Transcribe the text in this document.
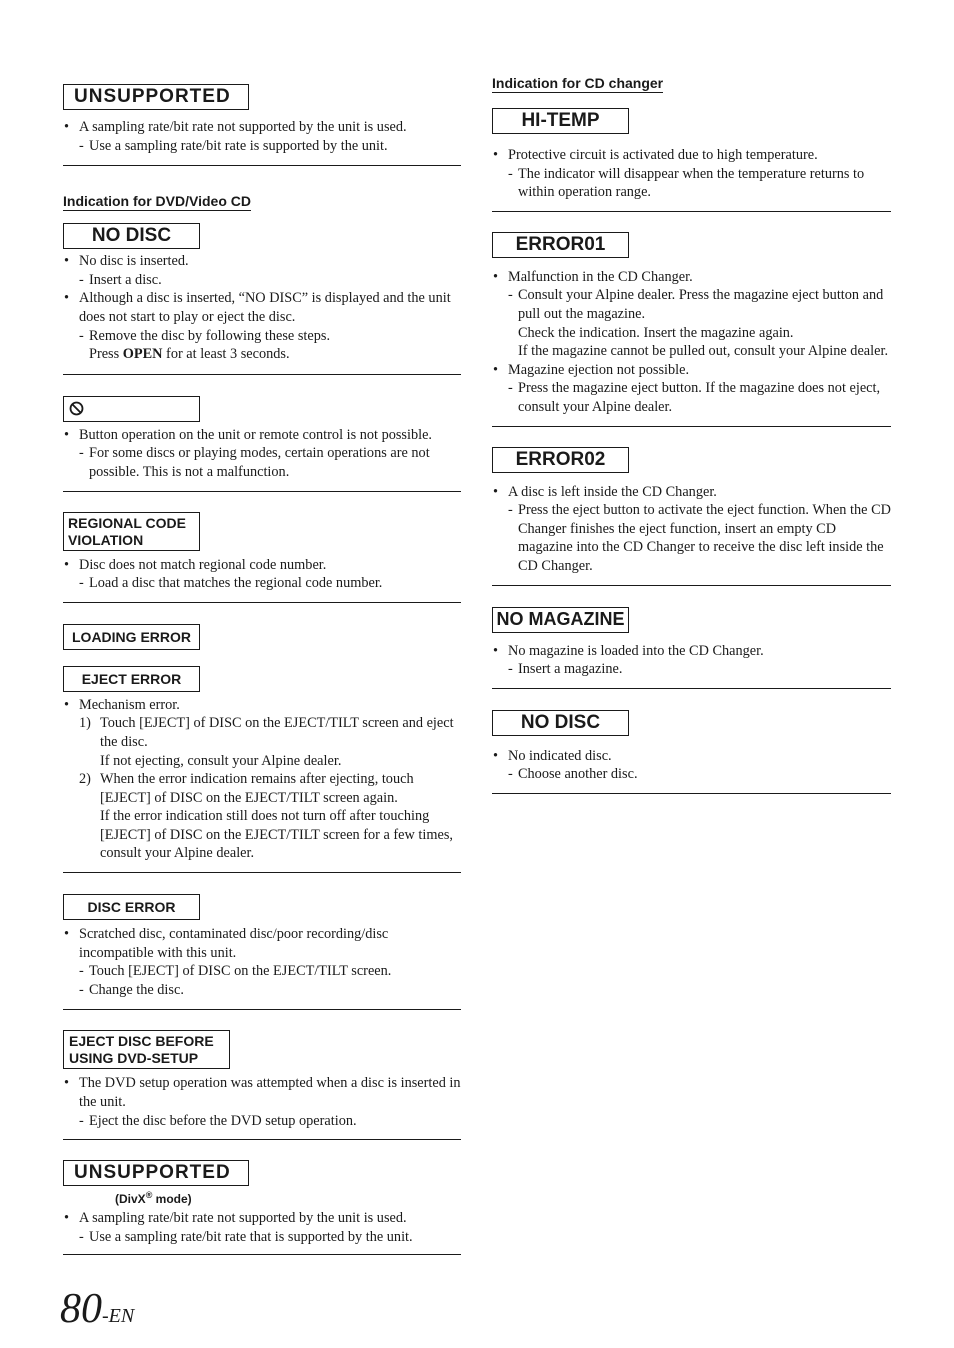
UNSUPPORTED
• A sampling rate/bit rate not supported by the unit is used.
- Use a sampling rate/bit rate is supported by the unit.
Indication for DVD/Video CD
NO DISC
• No disc is inserted.
- Insert a disc.
• Although a disc is inserted, “NO DISC” is displayed and the unit does not start to play or eject the disc.
- Remove the disc by following these steps.
Press OPEN for at least 3 seconds.
• Button operation on the unit or remote control is not possible.
- For some discs or playing modes, certain operations are not possible. This is not a malfunction.
REGIONAL CODE
VIOLATION
• Disc does not match regional code number.
- Load a disc that matches the regional code number.
LOADING ERROR
EJECT ERROR
• Mechanism error.
1) Touch [EJECT] of DISC on the EJECT/TILT screen and eject the disc.
If not ejecting, consult your Alpine dealer.
2) When the error indication remains after ejecting, touch [EJECT] of DISC on the EJECT/TILT screen again.
If the error indication still does not turn off after touching [EJECT] of DISC on the EJECT/TILT screen for a few times, consult your Alpine dealer.
DISC ERROR
• Scratched disc, contaminated disc/poor recording/disc incompatible with this unit.
- Touch [EJECT] of DISC on the EJECT/TILT screen.
- Change the disc.
EJECT DISC BEFORE
USING DVD-SETUP
• The DVD setup operation was attempted when a disc is inserted in the unit.
- Eject the disc before the DVD setup operation.
UNSUPPORTED
(DivX® mode)
• A sampling rate/bit rate not supported by the unit is used.
- Use a sampling rate/bit rate that is supported by the unit.
Indication for CD changer
HI-TEMP
• Protective circuit is activated due to high temperature.
- The indicator will disappear when the temperature returns to within operation range.
ERROR01
• Malfunction in the CD Changer.
- Consult your Alpine dealer. Press the magazine eject button and pull out the magazine.
Check the indication. Insert the magazine again.
If the magazine cannot be pulled out, consult your Alpine dealer.
• Magazine ejection not possible.
- Press the magazine eject button. If the magazine does not eject, consult your Alpine dealer.
ERROR02
• A disc is left inside the CD Changer.
- Press the eject button to activate the eject function. When the CD Changer finishes the eject function, insert an empty CD magazine into the CD Changer to receive the disc left inside the CD Changer.
NO MAGAZINE
• No magazine is loaded into the CD Changer.
- Insert a magazine.
NO DISC
• No indicated disc.
- Choose another disc.
80-EN
